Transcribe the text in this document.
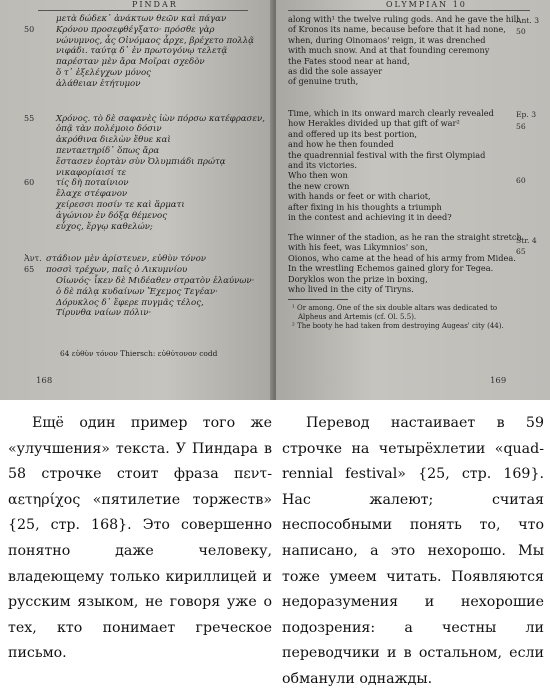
PINDAR
μετὰ δώδεκ᾽ ἀνάκτων θεῶν καὶ πάγαν
50	Κρόνου προσεφθέγξατο· πρόσθε γὰρ
νώνυμνος, ἆς Οἰνόμαος ἆρχε, βρέχετο πολλᾷ
νιφάδι. ταύτᾳ δ᾽ ἐν πρωτογόνῳ τελετᾷ
παρέσταν μὲν ἄρα Μοῖραι σχεδὸν
ὅ τ᾽ ἐξελέγχων μόνος
ἀλάθειαν ἐτήτυμον
55	Χρόνος. τὸ δὲ σαφανὲς ἰὼν πόρσω κατέφρασεν,
ὁπᾷ τὰν πολέμοιο δόσιν
ἀκρόθινα διελὼν ἔθυε καὶ
πενταετηρίδ᾽ ὅπως ἄρα
ἔστασεν ἑορτὰν σὺν Ὀλυμπιάδι πρώτᾳ
νικαφορίαισί τε
60	τίς δὴ ποταίνιον
ἔλαχε στέφανον
χείρεσσι ποσίν τε καὶ ἅρματι
ἀγώνιον ἐν δόξᾳ θέμενος
εὖχος, ἔργῳ καθελών;
Ἀντ. στάδιον μὲν ἀρίστευεν, εὐθὺν τόνον
65 ποσσὶ τρέχων, παῖς ὁ Λικυμνίου
Οἰωνός· ἷκεν δὲ Μιδέαθεν στρατὸν ἐλαύνων·
ὁ δὲ πάλᾳ κυδαίνων Ἔχεμος Τεγέαν·
Δόρυκλος δ᾽ ἔφερε πυγμᾶς τέλος,
Τίρυνθα ναίων πόλιν·
64 εὐθὺν τόνον Thiersch: εὐθύτονον codd
168
OLYMPIAN 10
along with¹ the twelve ruling gods. And he gave the hill
of Kronos its name, because before that it had none,
when, during Oinomaos' reign, it was drenched
with much snow. And at that founding ceremony
the Fates stood near at hand,
as did the sole assayer
of genuine truth,
Time, which in its onward march clearly revealed
how Herakles divided up that gift of war²
and offered up its best portion,
and how he then founded
the quadrennial festival with the first Olympiad
and its victories.
Who then won
the new crown
with hands or feet or with chariot,
after fixing in his thoughts a triumph
in the contest and achieving it in deed?
The winner of the stadion, as he ran the straight stretch
with his feet, was Likymnios' son,
Oionos, who came at the head of his army from Midea.
In the wrestling Echemos gained glory for Tegea.
Doryklos won the prize in boxing,
who lived in the city of Tiryns.
Ant. 3
50
Ep. 3
56
60
Str. 4
65
¹ Or among. One of the six double altars was dedicated to
Alpheus and Artemis (cf. Ol. 5.5).
² The booty he had taken from destroying Augeas' city (44).
169

Ещё один пример того же «улучшения» текста. У Пиндара в 58 строчке стоит фраза πεντ-αετηρίχος «пятилетие торжеств» {25, стр. 168}. Это совершенно понятно даже человеку, владеющему только кириллицей и русским языком, не говоря уже о тех, кто понимает греческое письмо.

Перевод настаивает в 59 строчке на четырёхлетии «quad-rennial festival» {25, стр. 169}. Нас жалеют; считая неспособными понять то, что написано, а это нехорошо. Мы тоже умеем читать. Появляются недоразумения и нехорошие подозрения: а честны ли переводчики и в остальном, если обманули однажды.
